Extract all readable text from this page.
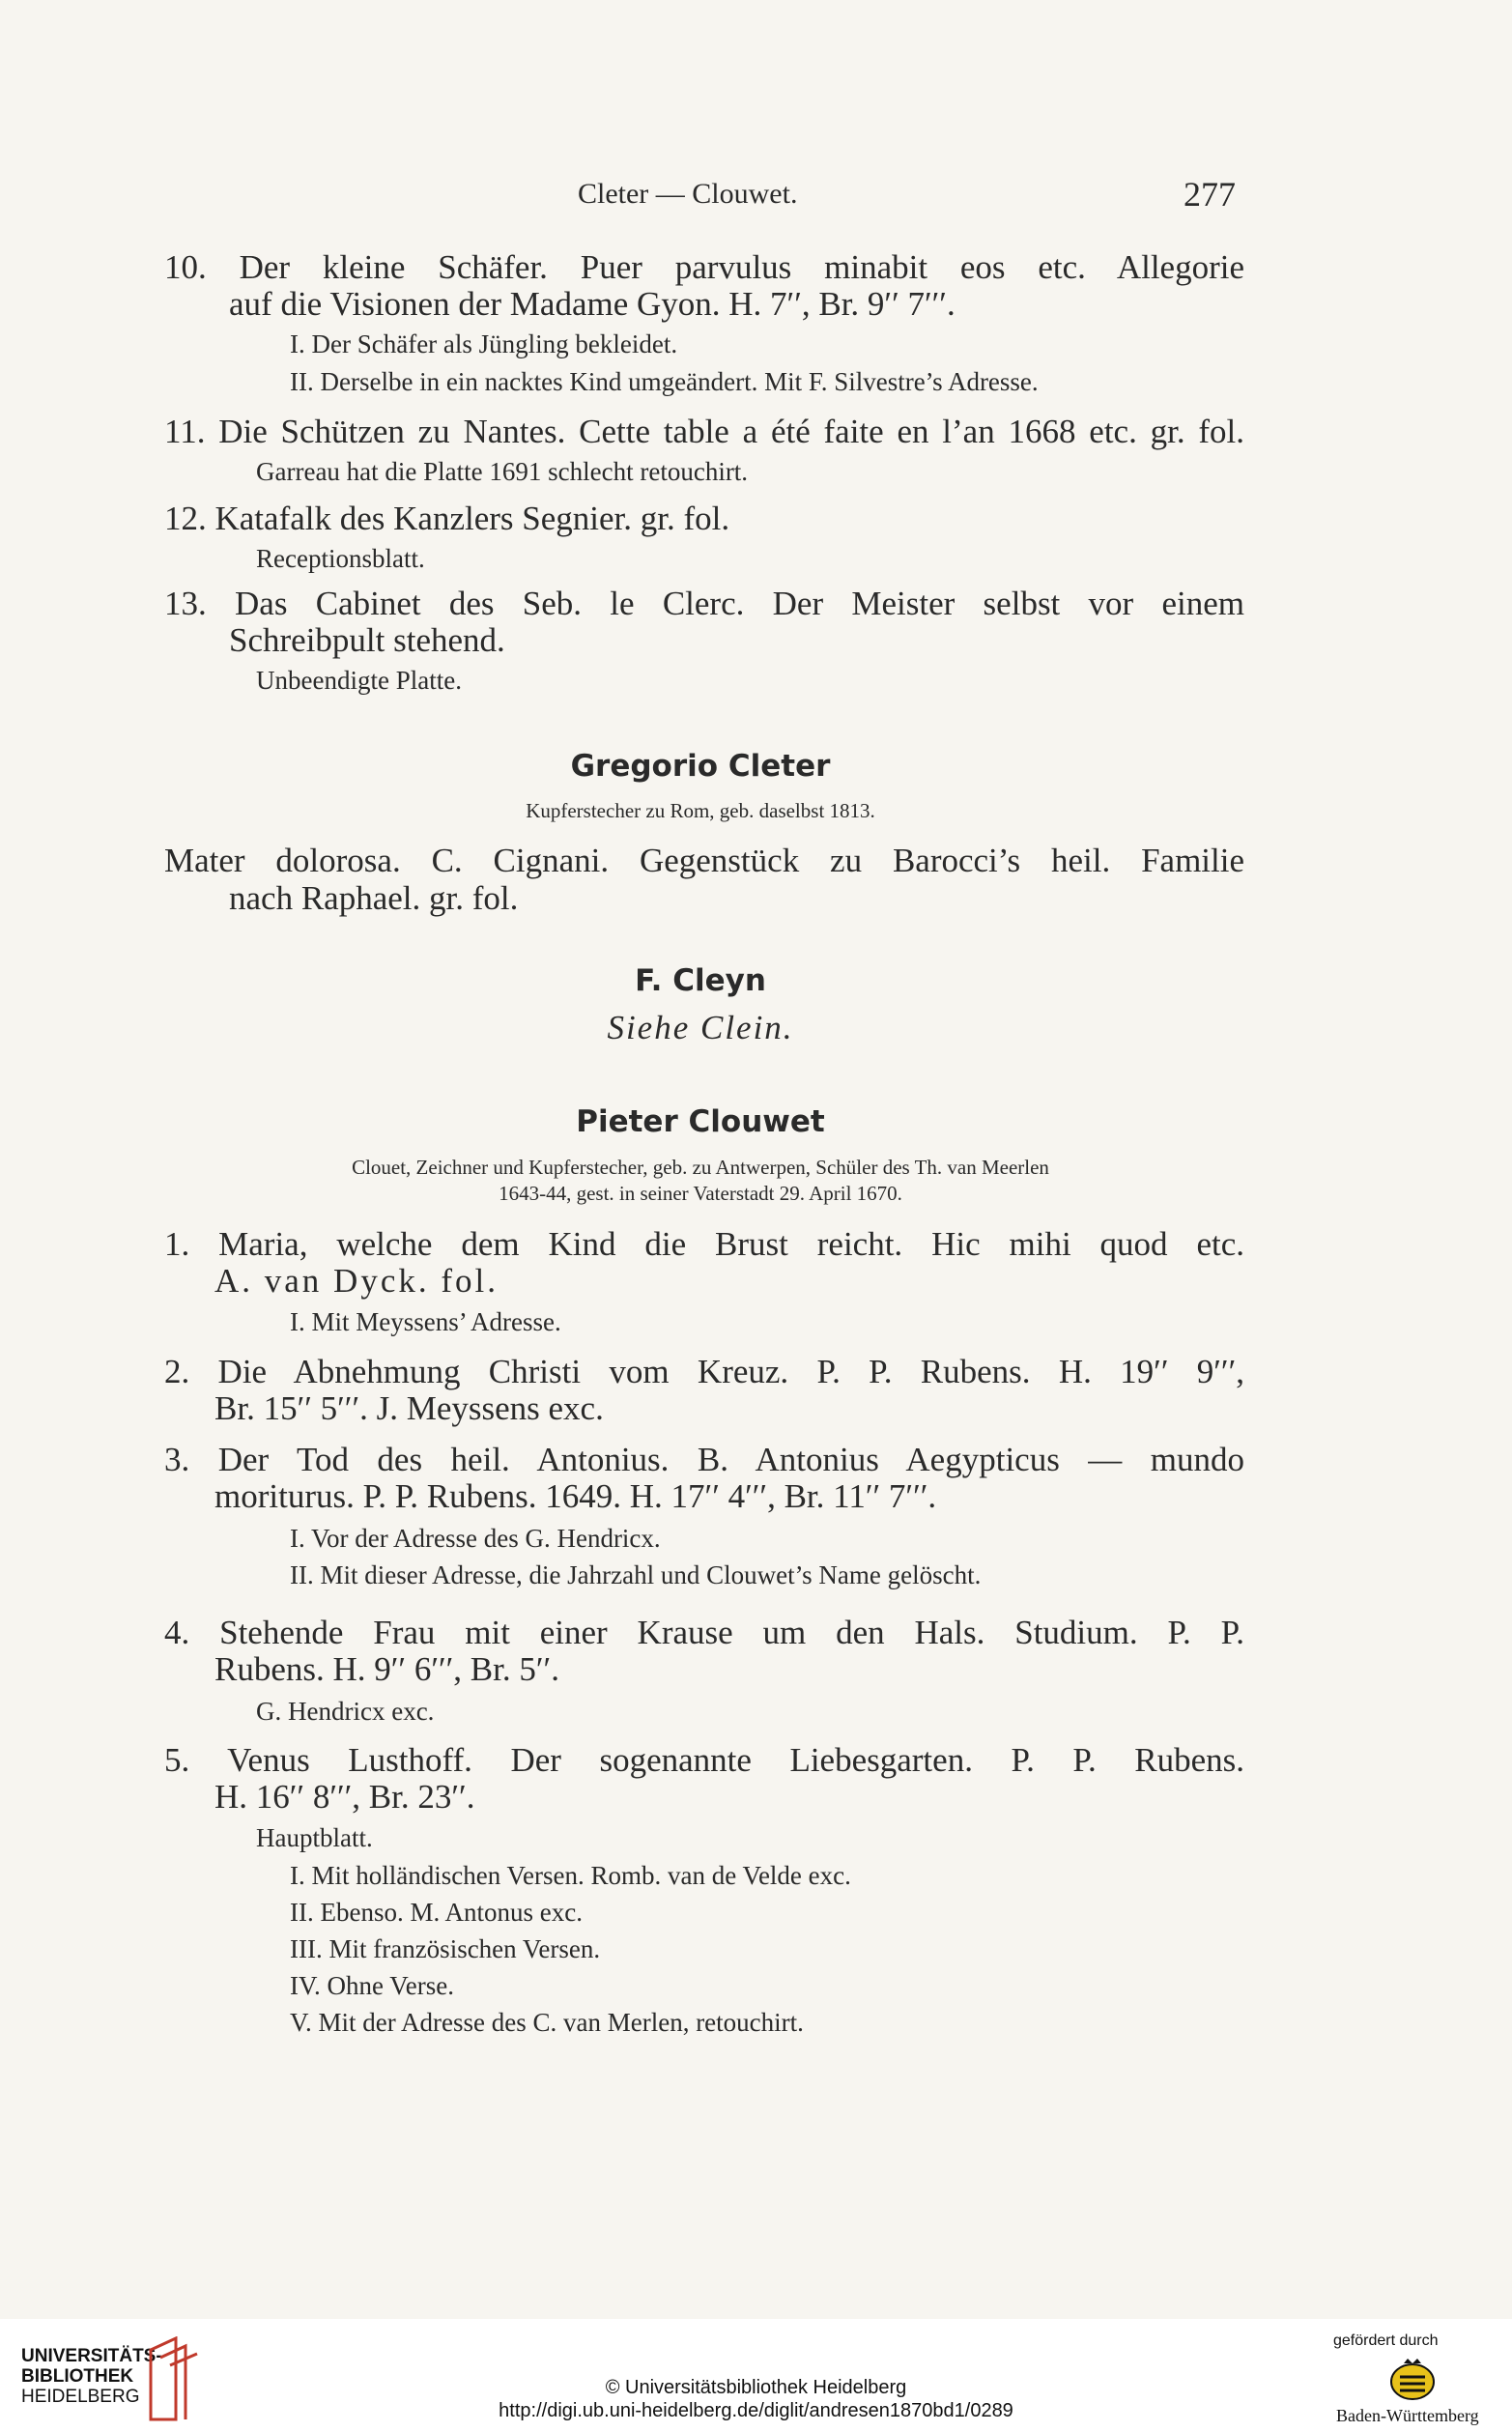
Cleter — Clouwet.	277
10. Der kleine Schäfer. Puer parvulus minabit eos etc. Allegorie
auf die Visionen der Madame Gyon. H. 7′′, Br. 9′′ 7′′′.
I. Der Schäfer als Jüngling bekleidet.
II. Derselbe in ein nacktes Kind umgeändert. Mit F. Silvestre’s Adresse.
11. Die Schützen zu Nantes. Cette table a été faite en l’an 1668 etc. gr. fol.
Garreau hat die Platte 1691 schlecht retouchirt.
12. Katafalk des Kanzlers Segnier. gr. fol.
Receptionsblatt.
13. Das Cabinet des Seb. le Clerc. Der Meister selbst vor einem
Schreibpult stehend.
Unbeendigte Platte.
Gregorio Cleter
Kupferstecher zu Rom, geb. daselbst 1813.
Mater dolorosa. C. Cignani. Gegenstück zu Barocci’s heil. Familie
nach Raphael. gr. fol.
F. Cleyn
Siehe Clein.
Pieter Clouwet
Clouet, Zeichner und Kupferstecher, geb. zu Antwerpen, Schüler des Th. van Meerlen
1643-44, gest. in seiner Vaterstadt 29. April 1670.
1. Maria, welche dem Kind die Brust reicht. Hic mihi quod etc.
A. van Dyck. fol.
I. Mit Meyssens’ Adresse.
2. Die Abnehmung Christi vom Kreuz. P. P. Rubens. H. 19′′ 9′′′,
Br. 15′′ 5′′′. J. Meyssens exc.
3. Der Tod des heil. Antonius. B. Antonius Aegypticus — mundo
moriturus. P. P. Rubens. 1649. H. 17′′ 4′′′, Br. 11′′ 7′′′.
I. Vor der Adresse des G. Hendricx.
II. Mit dieser Adresse, die Jahrzahl und Clouwet’s Name gelöscht.
4. Stehende Frau mit einer Krause um den Hals. Studium. P. P.
Rubens. H. 9′′ 6′′′, Br. 5′′.
G. Hendricx exc.
5. Venus Lusthoff. Der sogenannte Liebesgarten. P. P. Rubens.
H. 16′′ 8′′′, Br. 23′′.
Hauptblatt.
I. Mit holländischen Versen. Romb. van de Velde exc.
II. Ebenso. M. Antonus exc.
III. Mit französischen Versen.
IV. Ohne Verse.
V. Mit der Adresse des C. van Merlen, retouchirt.
UNIVERSITÄTS-
BIBLIOTHEK
HEIDELBERG	© Universitätsbibliothek Heidelberg
http://digi.ub.uni-heidelberg.de/diglit/andresen1870bd1/0289
gefördert durch
Baden-Württemberg
